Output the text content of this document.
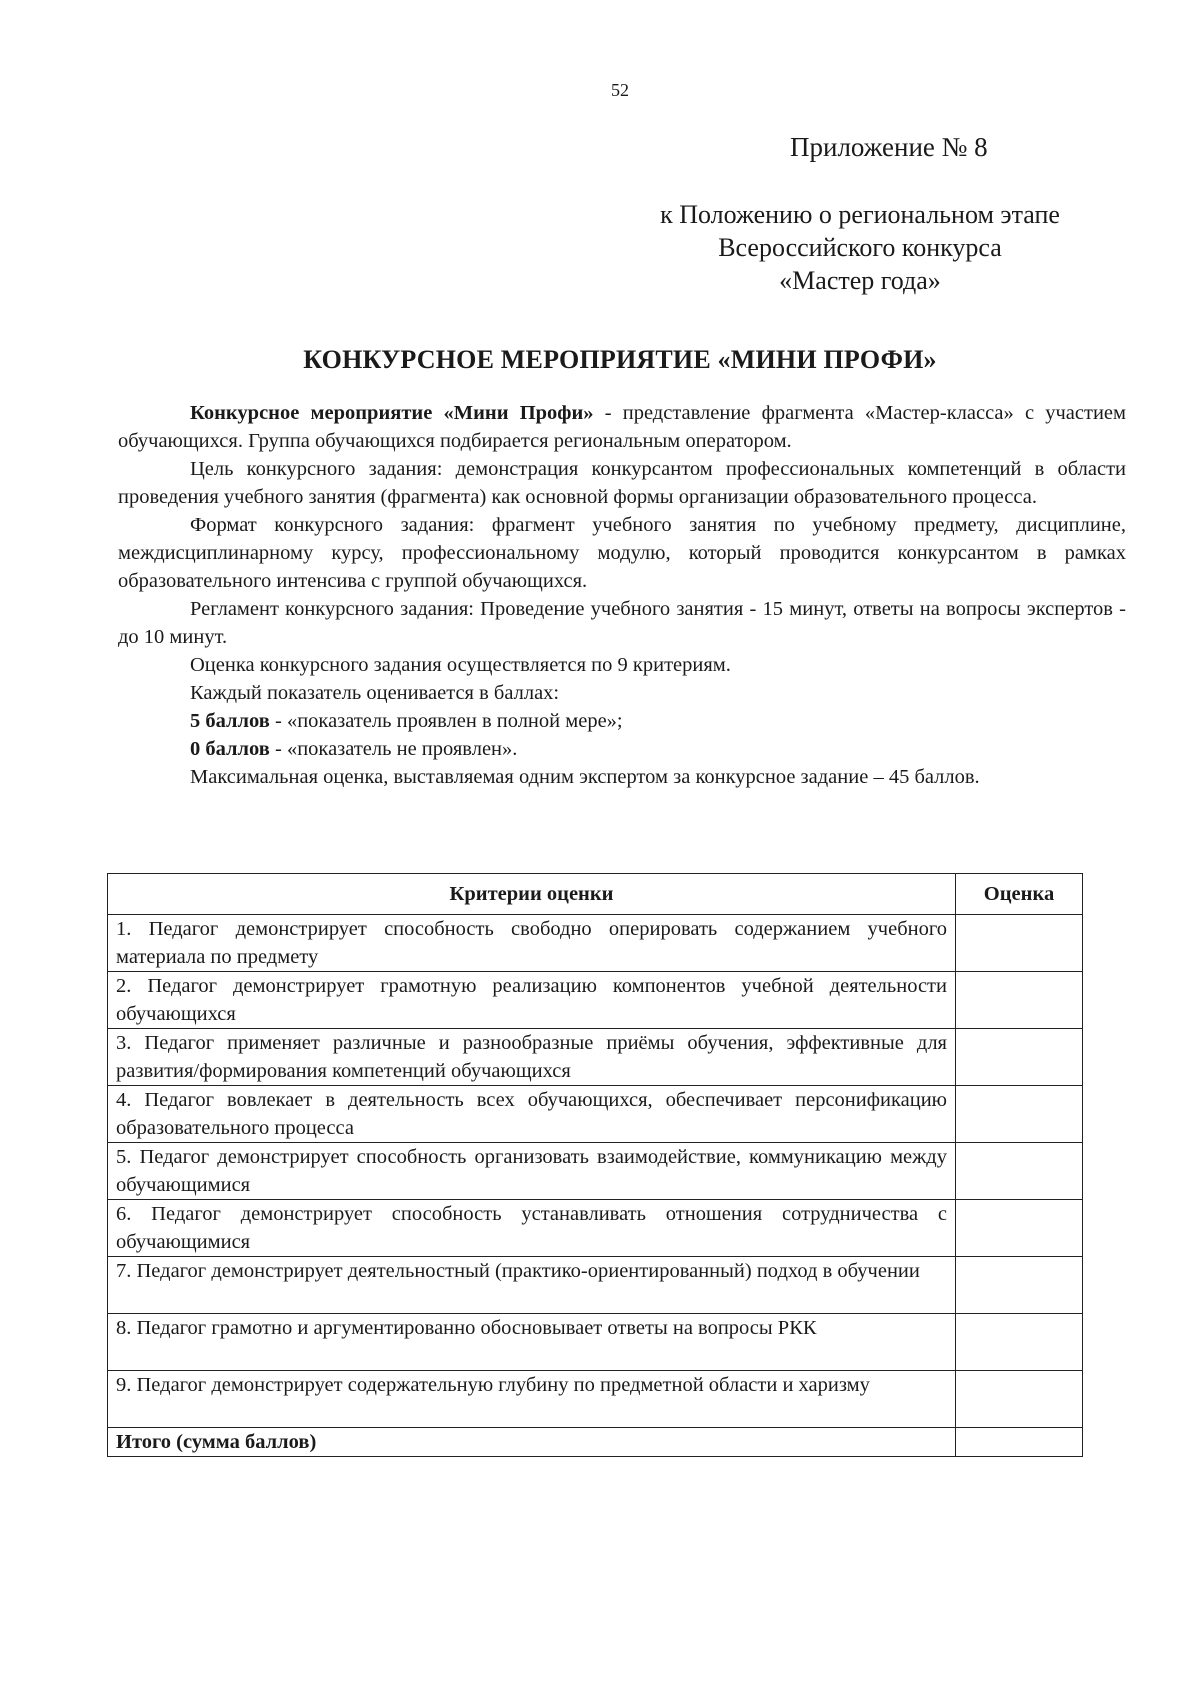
52
Приложение № 8
к Положению о региональном этапе
Всероссийского конкурса
«Мастер года»
КОНКУРСНОЕ МЕРОПРИЯТИЕ «МИНИ ПРОФИ»

Конкурсное мероприятие «Мини Профи» - представление фрагмента «Мастер-класса» с участием обучающихся. Группа обучающихся подбирается региональным оператором.

Цель конкурсного задания: демонстрация конкурсантом профессиональных компетенций в области проведения учебного занятия (фрагмента) как основной формы организации образовательного процесса.

Формат конкурсного задания: фрагмент учебного занятия по учебному предмету, дисциплине, междисциплинарному курсу, профессиональному модулю, который проводится конкурсантом в рамках образовательного интенсива с группой обучающихся.

Регламент конкурсного задания: Проведение учебного занятия - 15 минут, ответы на вопросы экспертов - до 10 минут.

Оценка конкурсного задания осуществляется по 9 критериям.

Каждый показатель оценивается в баллах:

5 баллов - «показатель проявлен в полной мере»;

0 баллов - «показатель не проявлен».

Максимальная оценка, выставляемая одним экспертом за конкурсное задание – 45 баллов.

Критерии оценки	Оценка
1. Педагог демонстрирует способность свободно оперировать содержанием учебного материала по предмету	
2. Педагог демонстрирует грамотную реализацию компонентов учебной деятельности обучающихся	
3. Педагог применяет различные и разнообразные приёмы обучения, эффективные для развития/формирования компетенций обучающихся	
4. Педагог вовлекает в деятельность всех обучающихся, обеспечивает персонификацию образовательного процесса	
5. Педагог демонстрирует способность организовать взаимодействие, коммуникацию между обучающимися	
6. Педагог демонстрирует способность устанавливать отношения сотрудничества с обучающимися	
7. Педагог демонстрирует деятельностный (практико-ориентированный) подход в обучении	
8. Педагог грамотно и аргументированно обосновывает ответы на вопросы РКК	
9. Педагог демонстрирует содержательную глубину по предметной области и харизму	
Итого (сумма баллов)	
